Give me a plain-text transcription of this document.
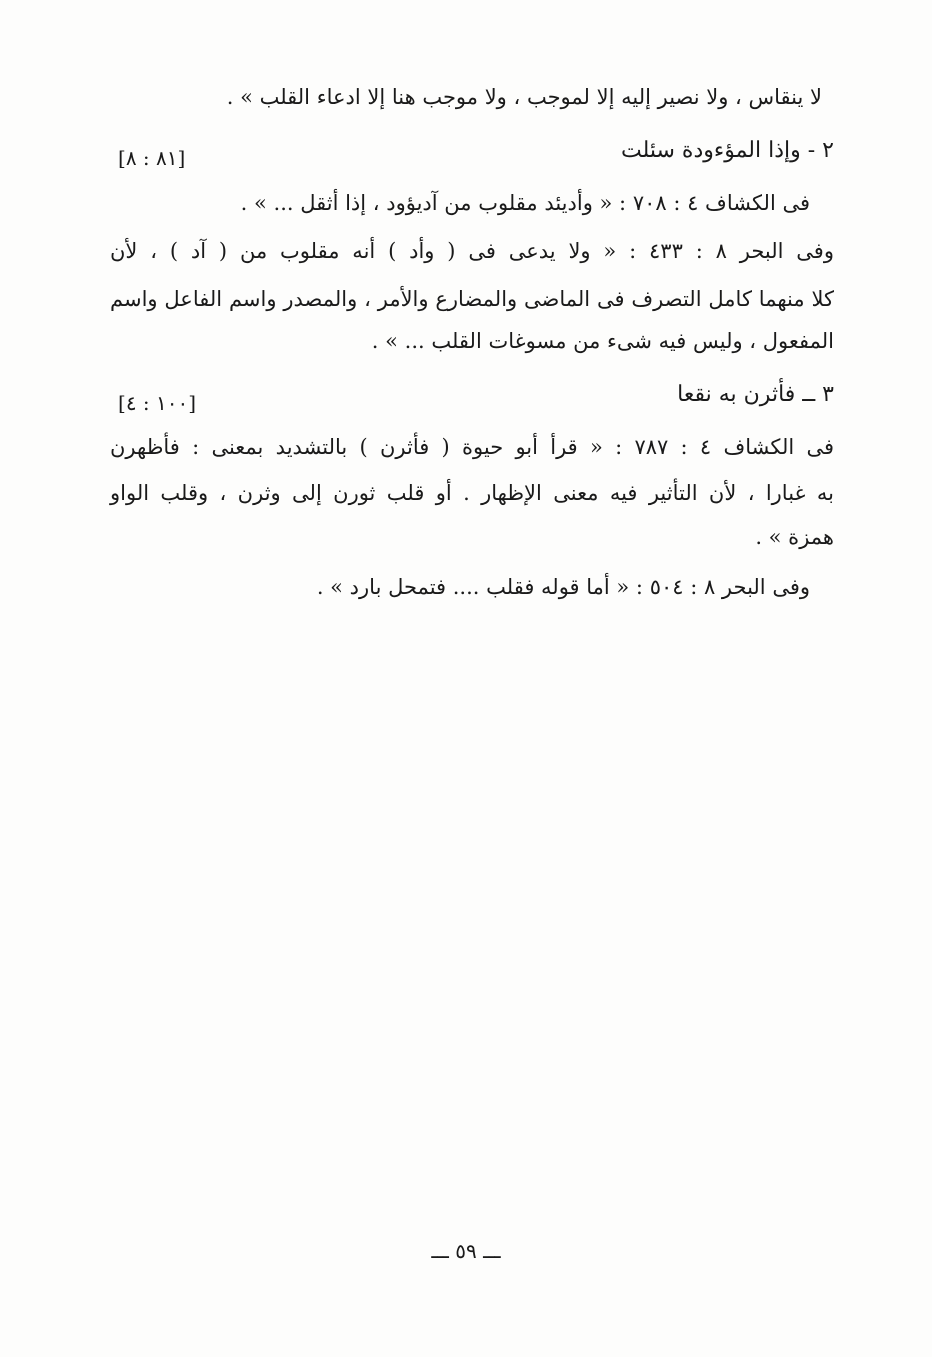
لا ينقاس ، ولا نصير إليه إلا لموجب ، ولا موجب هنا إلا ادعاء القلب » .
٢ - وإذا المؤءودة سئلت
[٨١ : ٨]
فى الكشاف ٤ : ٧٠٨ : « وأديئد مقلوب من آديؤود ، إذا أثقل ... » .
وفى البحر ٨ : ٤٣٣ : « ولا يدعى فى ( وأد ) أنه مقلوب من ( آد ) ، لأن
كلا منهما كامل التصرف فى الماضى والمضارع والأمر ، والمصدر واسم الفاعل واسم
المفعول ، وليس فيه شىء من مسوغات القلب ... » .
٣ ــ فأثرن به نقعا
[١٠٠ : ٤]
فى الكشاف ٤ : ٧٨٧ : « قرأ أبو حيوة ( فأثرن ) بالتشديد بمعنى : فأظهرن
به غبارا ، لأن التأثير فيه معنى الإظهار . أو قلب ثورن إلى وثرن ، وقلب الواو
همزة » .
وفى البحر ٨ : ٥٠٤ : « أما قوله فقلب .... فتمحل بارد » .
ـــ ٥٩ ـــ
